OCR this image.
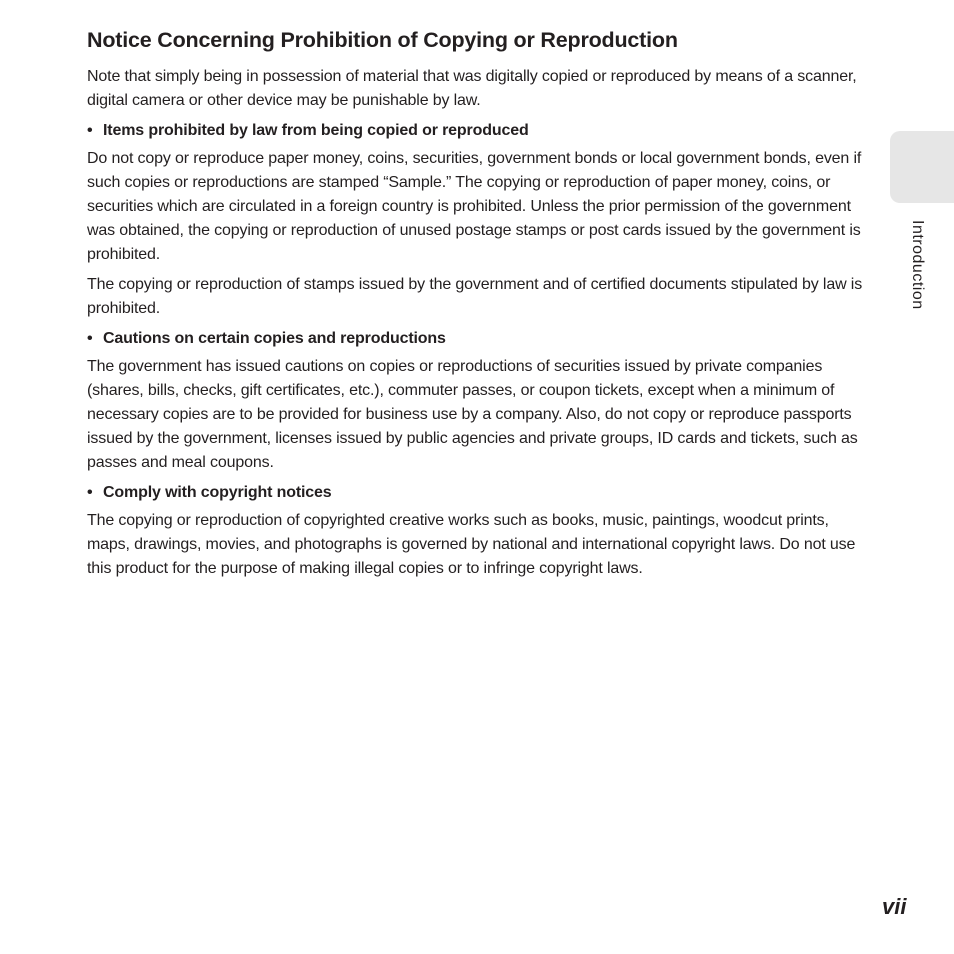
Introduction
Notice Concerning Prohibition of Copying or Reproduction

Note that simply being in possession of material that was digitally copied or reproduced by means of a scanner, digital camera or other device may be punishable by law.

• Items prohibited by law from being copied or reproduced

Do not copy or reproduce paper money, coins, securities, government bonds or local government bonds, even if such copies or reproductions are stamped “Sample.” The copying or reproduction of paper money, coins, or securities which are circulated in a foreign country is prohibited. Unless the prior permission of the government was obtained, the copying or reproduction of unused postage stamps or post cards issued by the government is prohibited.

The copying or reproduction of stamps issued by the government and of certified documents stipulated by law is prohibited.

• Cautions on certain copies and reproductions

The government has issued cautions on copies or reproductions of securities issued by private companies (shares, bills, checks, gift certificates, etc.), commuter passes, or coupon tickets, except when a minimum of necessary copies are to be provided for business use by a company. Also, do not copy or reproduce passports issued by the government, licenses issued by public agencies and private groups, ID cards and tickets, such as passes and meal coupons.

• Comply with copyright notices

The copying or reproduction of copyrighted creative works such as books, music, paintings, woodcut prints, maps, drawings, movies, and photographs is governed by national and international copyright laws. Do not use this product for the purpose of making illegal copies or to infringe copyright laws.

vii
